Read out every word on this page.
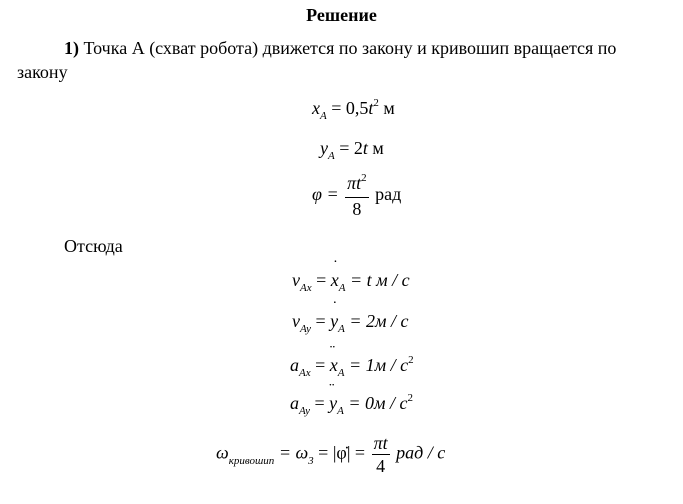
Решение
1) Точка А (схват робота) движется по закону и кривошип вращается по
закону
$x_A = 0,5t^2$ м
$y_A = 2t$ м
$\varphi = \frac{\pi t^2}{8}$ рад
Отсюда
$v_{Ax}$ = ˙ $x_A = t$ м / с
$v_{Ay}$ = ˙ $y_A = 2м / с$
$a_{Ax}$ = ¨ $x_A = 1м / с^2$
$a_{Ay}$ = ¨ $y_A = 0м / с^2$
$\omega_{кривошип} = \omega_3$ = |φ̇| = $\frac{\pi t}{4}$ рад / с
